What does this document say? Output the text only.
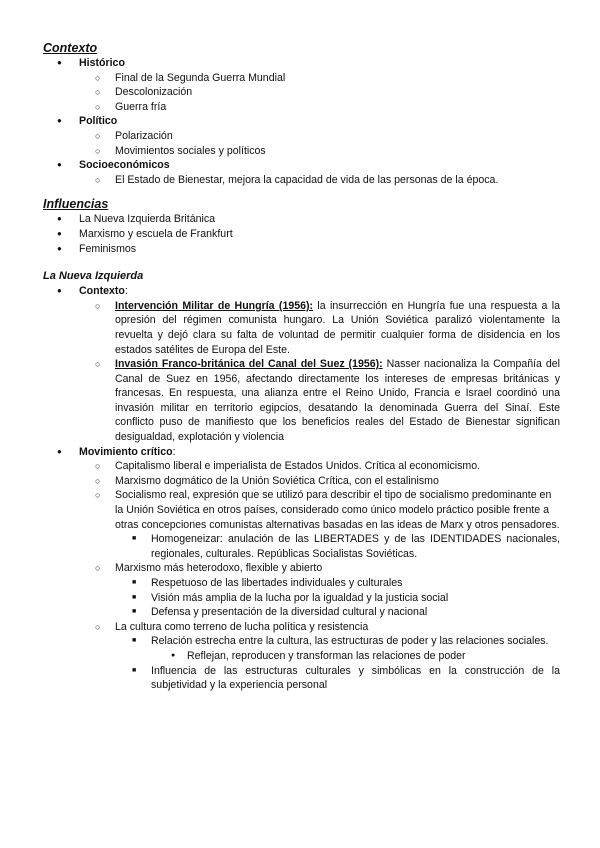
Contexto
● Histórico
○ Final de la Segunda Guerra Mundial
○ Descolonización
○ Guerra fría
● Político
○ Polarización
○ Movimientos sociales y políticos
● Socioeconómicos
○ El Estado de Bienestar, mejora la capacidad de vida de las personas de la época.
Influencias
● La Nueva Izquierda Británica
● Marxismo y escuela de Frankfurt
● Feminismos
La Nueva Izquierda
● Contexto:
○ Intervención Militar de Hungría (1956): la insurrección en Hungría fue una respuesta a la opresión del régimen comunista hungaro. La Unión Soviética paralizó violentamente la revuelta y dejó clara su falta de voluntad de permitir cualquier forma de disidencia en los estados satélites de Europa del Este.
○ Invasión Franco-británica del Canal del Suez (1956): Nasser nacionaliza la Compañía del Canal de Suez en 1956, afectando directamente los intereses de empresas británicas y francesas. En respuesta, una alianza entre el Reino Unido, Francia e Israel coordinó una invasión militar en territorio egipcios, desatando la denominada Guerra del Sinaí. Este conflicto puso de manifiesto que los beneficios reales del Estado de Bienestar significan desigualdad, explotación y violencia
● Movimiento crítico:
○ Capitalismo liberal e imperialista de Estados Unidos. Crítica al economicismo.
○ Marxismo dogmático de la Unión Soviética Crítica, con el estalinismo
○ Socialismo real, expresión que se utilizó para describir el tipo de socialismo predominante en la Unión Soviética en otros países, considerado como único modelo práctico posible frente a otras concepciones comunistas alternativas basadas en las ideas de Marx y otros pensadores.
■ Homogeneizar: anulación de las LIBERTADES y de las IDENTIDADES nacionales, regionales, culturales. Repúblicas Socialistas Soviéticas.
○ Marxismo más heterodoxo, flexible y abierto
■ Respetuoso de las libertades individuales y culturales
■ Visión más amplia de la lucha por la igualdad y la justicia social
■ Defensa y presentación de la diversidad cultural y nacional
○ La cultura como terreno de lucha política y resistencia
■ Relación estrecha entre la cultura, las estructuras de poder y las relaciones sociales.
● Reflejan, reproducen y transforman las relaciones de poder
■ Influencia de las estructuras culturales y simbólicas en la construcción de la subjetividad y la experiencia personal
